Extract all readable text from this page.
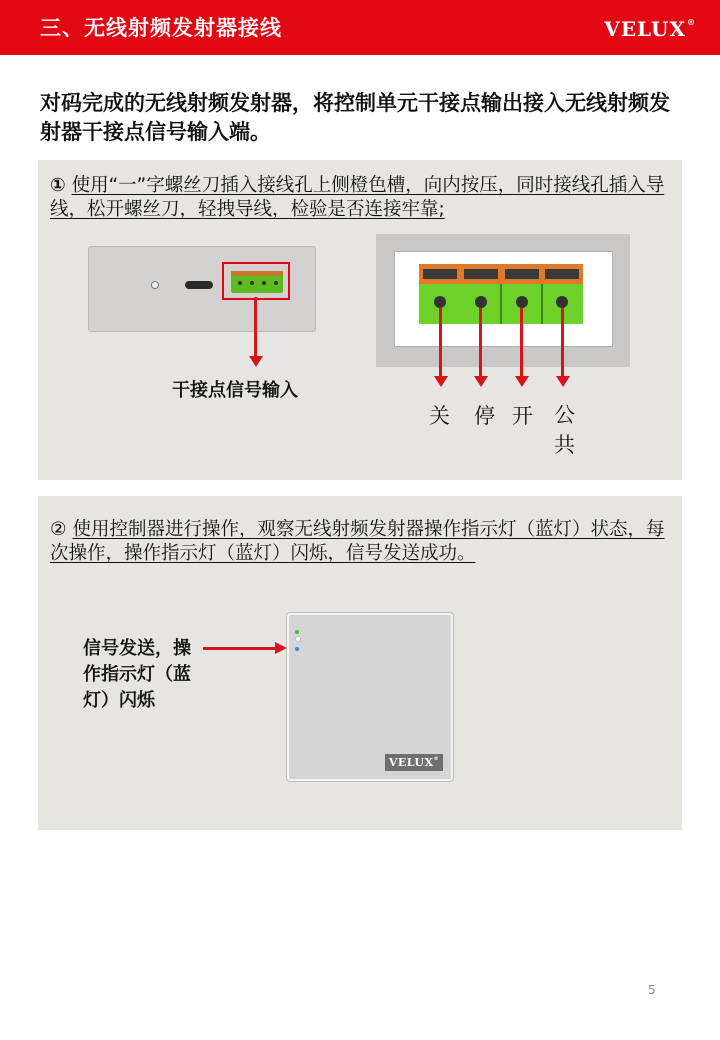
三、无线射频发射器接线	VELUX®
对码完成的无线射频发射器，将控制单元干接点输出接入无线射频发射器干接点信号输入端。
① 使用“一”字螺丝刀插入接线孔上侧橙色槽，向内按压，同时接线孔插入导线，松开螺丝刀，轻拽导线，检验是否连接牢靠;
干接点信号输入
关 停 开 公共
② 使用控制器进行操作，观察无线射频发射器操作指示灯（蓝灯）状态，每次操作，操作指示灯（蓝灯）闪烁，信号发送成功。
信号发送，操作指示灯（蓝灯）闪烁
VELUX®
5
